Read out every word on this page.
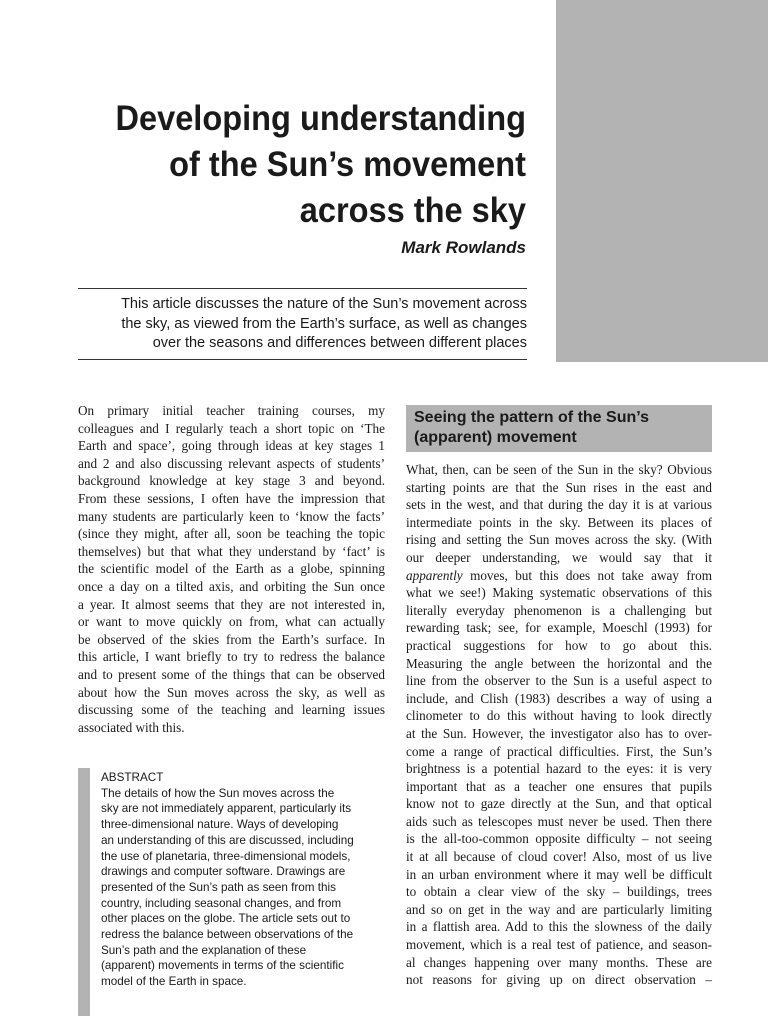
Developing understanding
of the Sun’s movement
across the sky
Mark Rowlands
This article discusses the nature of the Sun’s movement across
the sky, as viewed from the Earth’s surface, as well as changes
over the seasons and differences between different places
On primary initial teacher training courses, my
colleagues and I regularly teach a short topic on ‘The
Earth and space’, going through ideas at key stages 1
and 2 and also discussing relevant aspects of students’
background knowledge at key stage 3 and beyond.
From these sessions, I often have the impression that
many students are particularly keen to ‘know the facts’
(since they might, after all, soon be teaching the topic
themselves) but that what they understand by ‘fact’ is
the scientific model of the Earth as a globe, spinning
once a day on a tilted axis, and orbiting the Sun once
a year. It almost seems that they are not interested in,
or want to move quickly on from, what can actually
be observed of the skies from the Earth’s surface. In
this article, I want briefly to try to redress the balance
and to present some of the things that can be observed
about how the Sun moves across the sky, as well as
discussing some of the teaching and learning issues
associated with this.
ABSTRACT
The details of how the Sun moves across the
sky are not immediately apparent, particularly its
three-dimensional nature. Ways of developing
an understanding of this are discussed, including
the use of planetaria, three-dimensional models,
drawings and computer software. Drawings are
presented of the Sun’s path as seen from this
country, including seasonal changes, and from
other places on the globe. The article sets out to
redress the balance between observations of the
Sun’s path and the explanation of these
(apparent) movements in terms of the scientific
model of the Earth in space.
Seeing the pattern of the Sun’s
(apparent) movement
What, then, can be seen of the Sun in the sky? Obvious
starting points are that the Sun rises in the east and
sets in the west, and that during the day it is at various
intermediate points in the sky. Between its places of
rising and setting the Sun moves across the sky. (With
our deeper understanding, we would say that it
apparently moves, but this does not take away from
what we see!) Making systematic observations of this
literally everyday phenomenon is a challenging but
rewarding task; see, for example, Moeschl (1993) for
practical suggestions for how to go about this.
Measuring the angle between the horizontal and the
line from the observer to the Sun is a useful aspect to
include, and Clish (1983) describes a way of using a
clinometer to do this without having to look directly
at the Sun. However, the investigator also has to over-
come a range of practical difficulties. First, the Sun’s
brightness is a potential hazard to the eyes: it is very
important that as a teacher one ensures that pupils
know not to gaze directly at the Sun, and that optical
aids such as telescopes must never be used. Then there
is the all-too-common opposite difficulty – not seeing
it at all because of cloud cover! Also, most of us live
in an urban environment where it may well be difficult
to obtain a clear view of the sky – buildings, trees
and so on get in the way and are particularly limiting
in a flattish area. Add to this the slowness of the daily
movement, which is a real test of patience, and season-
al changes happening over many months. These are
not reasons for giving up on direct observation –
